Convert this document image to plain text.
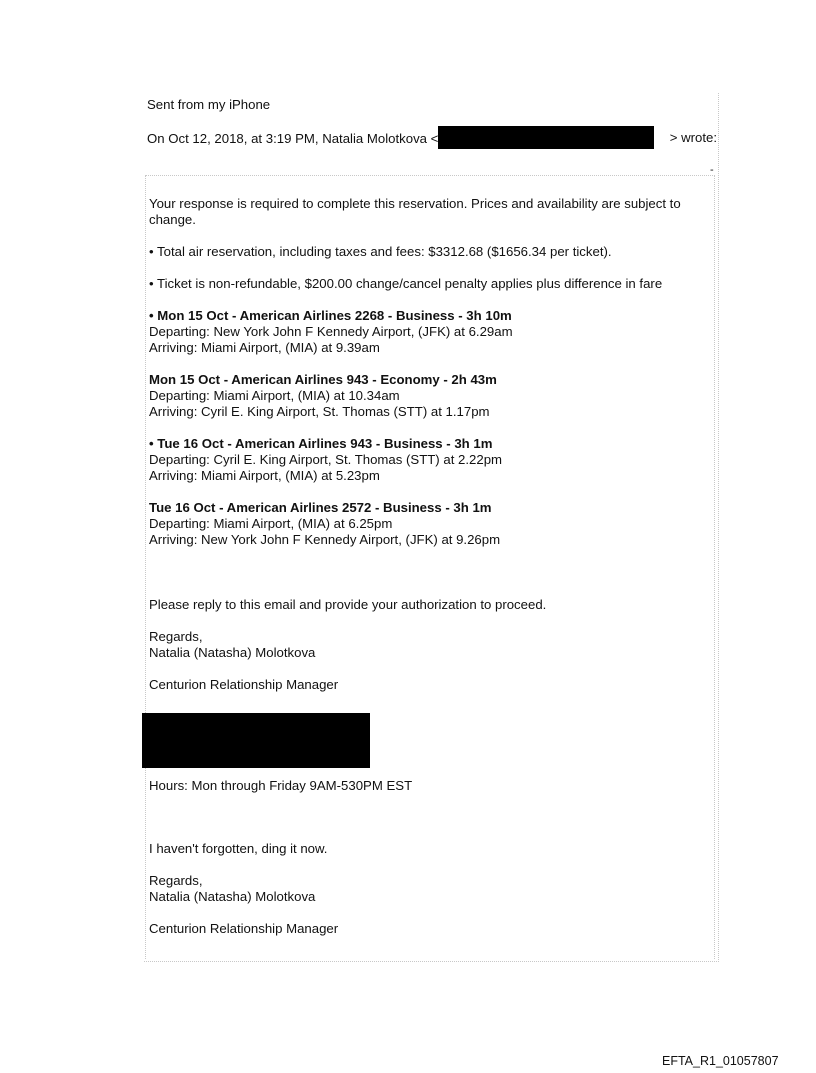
Sent from my iPhone
On Oct 12, 2018, at 3:19 PM, Natalia Molotkova <	> wrote:
-

Your response is required to complete this reservation. Prices and availability are subject to change.

• Total air reservation, including taxes and fees: $3312.68 ($1656.34 per ticket).

• Ticket is non-refundable, $200.00 change/cancel penalty applies plus difference in fare

• Mon 15 Oct - American Airlines 2268 - Business - 3h 10m
Departing: New York John F Kennedy Airport, (JFK) at 6.29am
Arriving: Miami Airport, (MIA) at 9.39am
Mon 15 Oct - American Airlines 943 - Economy - 2h 43m
Departing: Miami Airport, (MIA) at 10.34am
Arriving: Cyril E. King Airport, St. Thomas (STT) at 1.17pm
• Tue 16 Oct - American Airlines 943 - Business - 3h 1m
Departing: Cyril E. King Airport, St. Thomas (STT) at 2.22pm
Arriving: Miami Airport, (MIA) at 5.23pm
Tue 16 Oct - American Airlines 2572 - Business - 3h 1m
Departing: Miami Airport, (MIA) at 6.25pm
Arriving: New York John F Kennedy Airport, (JFK) at 9.26pm

Please reply to this email and provide your authorization to proceed.

Regards,

Natalia (Natasha) Molotkova

Centurion Relationship Manager

Hours: Mon through Friday 9AM-530PM EST

I haven't forgotten, ding it now.

Regards,

Natalia (Natasha) Molotkova

Centurion Relationship Manager

EFTA_R1_01057807
